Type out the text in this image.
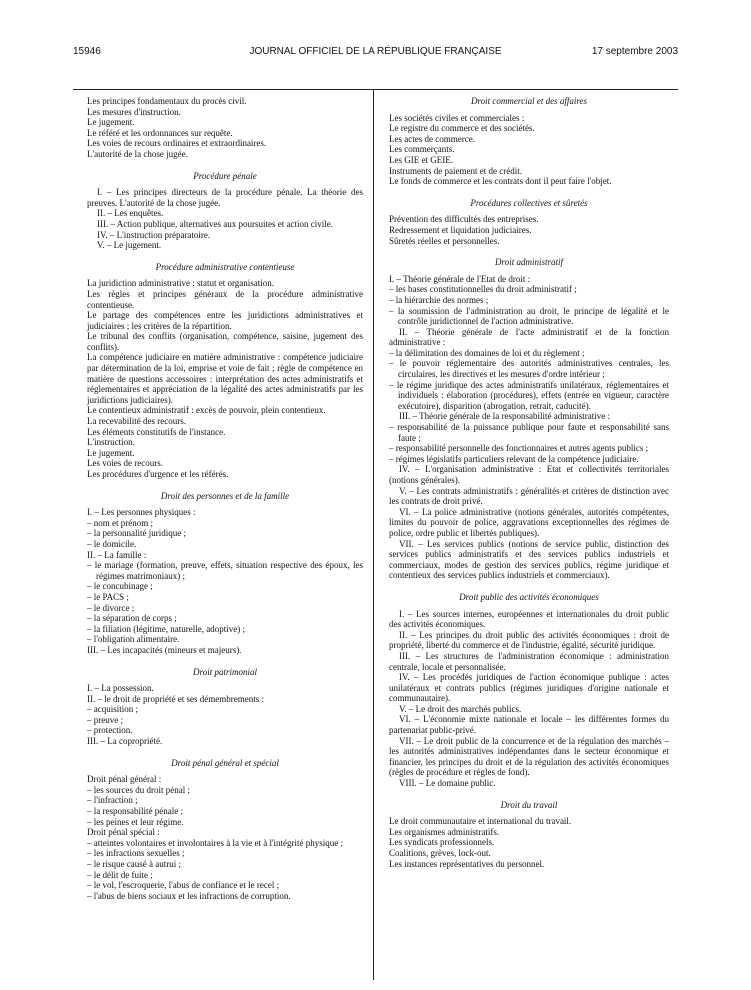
15946	JOURNAL OFFICIEL DE LA RÉPUBLIQUE FRANÇAISE	17 septembre 2003

Les principes fondamentaux du procès civil.

Les mesures d'instruction.

Le jugement.

Le référé et les ordonnances sur requête.

Les voies de recours ordinaires et extraordinaires.

L'autorité de la chose jugée.

Procédure pénale

I. – Les principes directeurs de la procédure pénale. La théorie des preuves. L'autorité de la chose jugée.

II. – Les enquêtes.

III. – Action publique, alternatives aux poursuites et action civile.

IV. – L'instruction préparatoire.

V. – Le jugement.

Procédure administrative contentieuse

La juridiction administrative : statut et organisation.

Les règles et principes généraux de la procédure administrative contentieuse.

Le partage des compétences entre les juridictions administratives et judiciaires ; les critères de la répartition.

Le tribunal des conflits (organisation, compétence, saisine, jugement des conflits).

La compétence judiciaire en matière administrative : compétence judiciaire par détermination de la loi, emprise et voie de fait ; règle de compétence en matière de questions accessoires : interprétation des actes administratifs et réglementaires et appréciation de la légalité des actes administratifs par les juridictions judiciaires).

Le contentieux administratif : excès de pouvoir, plein contentieux.

La recevabilité des recours.

Les éléments constitutifs de l'instance.

L'instruction.

Le jugement.

Les voies de recours.

Les procédures d'urgence et les référés.

Droit des personnes et de la famille

I. – Les personnes physiques :

– nom et prénom ;

– la personnalité juridique ;

– le domicile.

II. – La famille :

– le mariage (formation, preuve, effets, situation respective des époux, les régimes matrimoniaux) ;

– le concubinage ;

– le PACS ;

– le divorce ;

– la séparation de corps ;

– la filiation (légitime, naturelle, adoptive) ;

– l'obligation alimentaire.

III. – Les incapacités (mineurs et majeurs).

Droit patrimonial

I. – La possession.

II. – le droit de propriété et ses démembrements :

– acquisition ;

– preuve ;

– protection.

III. – La copropriété.

Droit pénal général et spécial

Droit pénal général :

– les sources du droit pénal ;

– l'infraction ;

– la responsabilité pénale ;

– les peines et leur régime.

Droit pénal spécial :

– atteintes volontaires et involontaires à la vie et à l'intégrité physique ;

– les infractions sexuelles ;

– le risque causé à autrui ;

– le délit de fuite ;

– le vol, l'escroquerie, l'abus de confiance et le recel ;

– l'abus de biens sociaux et les infractions de corruption.

Droit commercial et des affaires

Les sociétés civiles et commerciales :

Le registre du commerce et des sociétés.

Les actes de commerce.

Les commerçants.

Les GIE et GEIE.

Instruments de paiement et de crédit.

Le fonds de commerce et les contrats dont il peut faire l'objet.

Procédures collectives et sûretés

Prévention des difficultés des entreprises.

Redressement et liquidation judiciaires.

Sûretés réelles et personnelles.

Droit administratif

I. – Théorie générale de l'Etat de droit :

– les bases constitutionnelles du droit administratif ;

– la hiérarchie des normes ;

– la soumission de l'administration au droit, le principe de légalité et le contrôle juridictionnel de l'action administrative.

II. – Théorie générale de l'acte administratif et de la fonction administrative :

– la délimitation des domaines de loi et du règlement ;

– le pouvoir réglementaire des autorités administratives centrales, les circulaires, les directives et les mesures d'ordre intérieur ;

– le régime juridique des actes administratifs unilatéraux, réglementaires et individuels : élaboration (procédures), effets (entrée en vigueur, caractère exécutoire), disparition (abrogation, retrait, caducité).

III. – Théorie générale de la responsabilité administrative :

– responsabilité de la puissance publique pour faute et responsabilité sans faute ;

– responsabilité personnelle des fonctionnaires et autres agents publics ;

– régimes législatifs particuliers relevant de la compétence judiciaire.

IV. – L'organisation administrative : Etat et collectivités territoriales (notions générales).

V. – Les contrats administratifs : généralités et critères de distinction avec les contrats de droit privé.

VI. – La police administrative (notions générales, autorités compétentes, limites du pouvoir de police, aggravations exceptionnelles des régimes de police, ordre public et libertés publiques).

VII. – Les services publics (notions de service public, distinction des services publics administratifs et des services publics industriels et commerciaux, modes de gestion des services publics, régime juridique et contentieux des services publics industriels et commerciaux).

Droit public des activités économiques

I. – Les sources internes, européennes et internationales du droit public des activités économiques.

II. – Les principes du droit public des activités économiques : droit de propriété, liberté du commerce et de l'industrie, égalité, sécurité juridique.

III. – Les structures de l'administration économique : administration centrale, locale et personnalisée.

IV. – Les procédés juridiques de l'action économique publique : actes unilatéraux et contrats publics (régimes juridiques d'origine nationale et communautaire).

V. – Le droit des marchés publics.

VI. – L'économie mixte nationale et locale – les différentes formes du partenariat public-privé.

VII. – Le droit public de la concurrence et de la régulation des marchés – les autorités administratives indépendantes dans le secteur économique et financier, les principes du droit et de la régulation des activités économiques (règles de procédure et règles de fond).

VIII. – Le domaine public.

Droit du travail

Le droit communautaire et international du travail.

Les organismes administratifs.

Les syndicats professionnels.

Coalitions, grèves, lock-out.

Les instances représentatives du personnel.
